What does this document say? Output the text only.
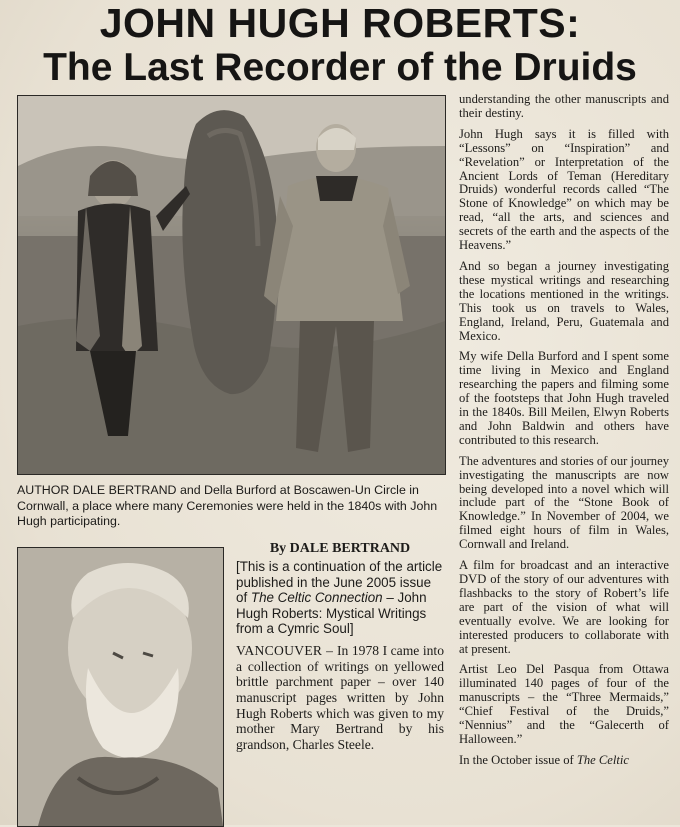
JOHN HUGH ROBERTS:
The Last Recorder of the Druids
AUTHOR DALE BERTRAND and Della Burford at Boscawen-Un Circle in Cornwall, a place where many Ceremonies were held in the 1840s with John Hugh participating.
By DALE BERTRAND
[This is a continuation of the article published in the June 2005 issue of The Celtic Connection – John Hugh Roberts: Mystical Writings from a Cymric Soul]

VANCOUVER – In 1978 I came into a collection of writings on yellowed brittle parchment paper – over 140 manuscript pages written by John Hugh Roberts which was given to my mother Mary Bertrand by his grandson, Charles Steele.

understanding the other manuscripts and their destiny.

John Hugh says it is filled with “Lessons” on “Inspiration” and “Revelation” or Interpretation of the Ancient Lords of Teman (Hereditary Druids) wonderful records called “The Stone of Knowledge” on which may be read, “all the arts, and sciences and secrets of the earth and the aspects of the Heavens.”

And so began a journey investigating these mystical writings and researching the locations mentioned in the writings. This took us on travels to Wales, England, Ireland, Peru, Guatemala and Mexico.

My wife Della Burford and I spent some time living in Mexico and England researching the papers and filming some of the footsteps that John Hugh traveled in the 1840s. Bill Meilen, Elwyn Roberts and John Baldwin and others have contributed to this research.

The adventures and stories of our journey investigating the manuscripts are now being developed into a novel which will include part of the “Stone Book of Knowledge.” In November of 2004, we filmed eight hours of film in Wales, Cornwall and Ireland.

A film for broadcast and an interactive DVD of the story of our adventures with flashbacks to the story of Robert’s life are part of the vision of what will eventually evolve. We are looking for interested producers to collaborate with at present.

Artist Leo Del Pasqua from Ottawa illuminated 140 pages of four of the manuscripts – the “Three Mermaids,” “Chief Festival of the Druids,” “Nennius” and the “Galecerth of Halloween.”

In the October issue of The Celtic
